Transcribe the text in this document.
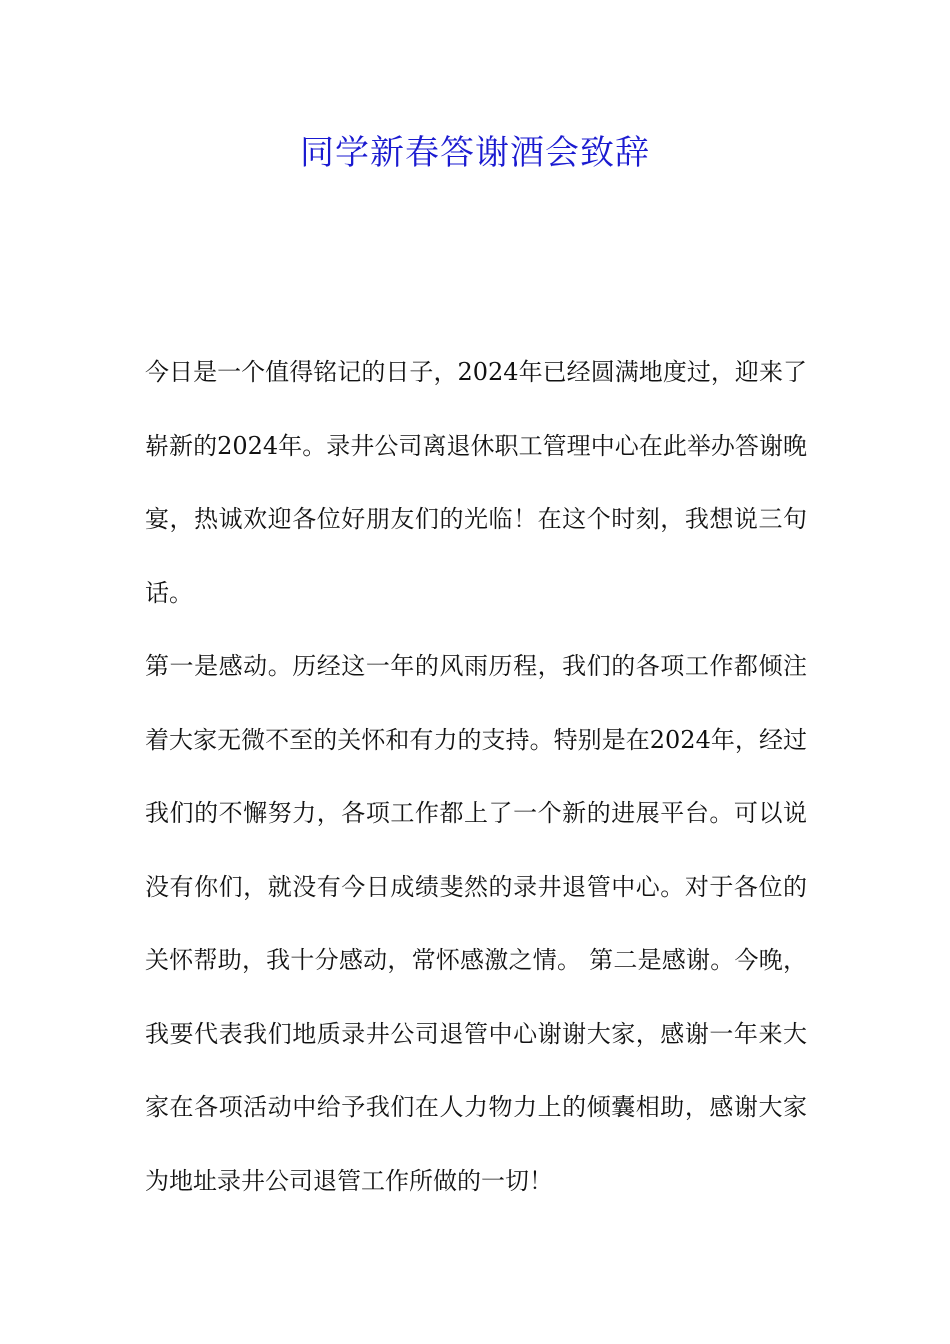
同学新春答谢酒会致辞

今日是一个值得铭记的日子，2024年已经圆满地度过，迎来了崭新的2024年。录井公司离退休职工管理中心在此举办答谢晚宴，热诚欢迎各位好朋友们的光临！在这个时刻，我想说三句话。

第一是感动。历经这一年的风雨历程，我们的各项工作都倾注着大家无微不至的关怀和有力的支持。特别是在2024年，经过我们的不懈努力，各项工作都上了一个新的进展平台。可以说没有你们，就没有今日成绩斐然的录井退管中心。对于各位的关怀帮助，我十分感动，常怀感激之情。 第二是感谢。今晚，我要代表我们地质录井公司退管中心谢谢大家，感谢一年来大家在各项活动中给予我们在人力物力上的倾囊相助，感谢大家为地址录井公司退管工作所做的一切！
